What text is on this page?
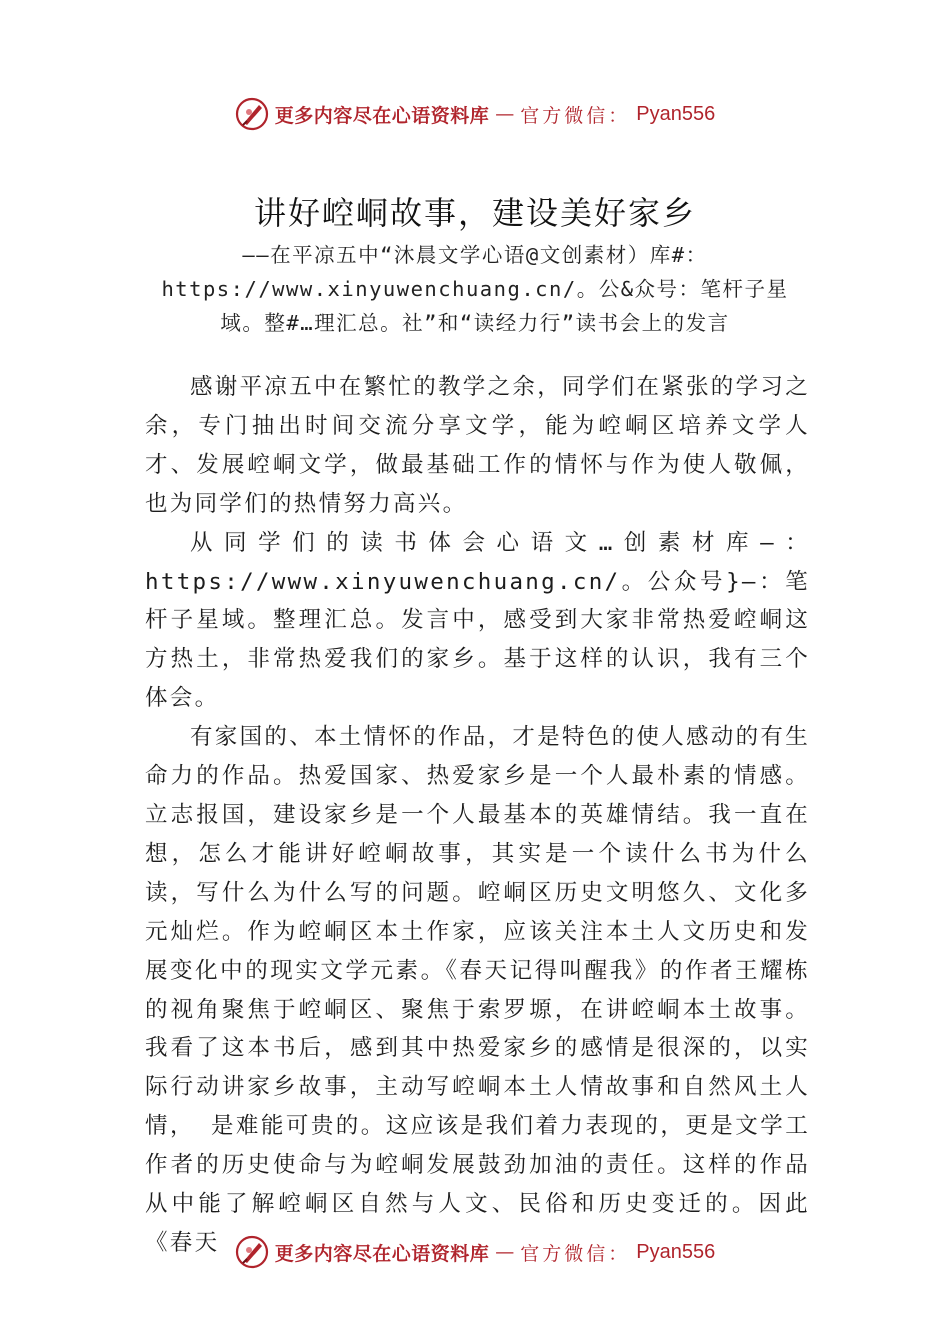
更多内容尽在心语资料库 — 官方微信： Pyan556
讲好崆峒故事，建设美好家乡
——在平凉五中“沐晨文学心语@文创素材）库#：
https://www.xinyuwenchuang.cn/。公&众号：笔杆子星
域。整#…理汇总。社”和“读经力行”读书会上的发言

感谢平凉五中在繁忙的教学之余，同学们在紧张的学习之余，专门抽出时间交流分享文学，能为崆峒区培养文学人才、发展崆峒文学，做最基础工作的情怀与作为使人敬佩， 也为同学们的热情努力高兴。

从同学们的读书体会心语文…创素材库—：https://www.xinyuwenchuang.cn/。公众号}—：笔杆子星域。整理汇总。发言中，感受到大家非常热爱崆峒这方热土，非常热爱我们的家乡。基于这样的认识，我有三个体会。

有家国的、本土情怀的作品，才是特色的使人感动的有生命力的作品。热爱国家、热爱家乡是一个人最朴素的情感。立志报国，建设家乡是一个人最基本的英雄情结。我一直在想，怎么才能讲好崆峒故事，其实是一个读什么书为什么读，写什么为什么写的问题。崆峒区历史文明悠久、文化多元灿烂。作为崆峒区本土作家，应该关注本土人文历史和发展变化中的现实文学元素。《春天记得叫醒我》的作者王耀栋的视角聚焦于崆峒区、聚焦于索罗塬，在讲崆峒本土故事。我看了这本书后，感到其中热爱家乡的感情是很深的，以实际行动讲家乡故事，主动写崆峒本土人情故事和自然风土人情， 是难能可贵的。这应该是我们着力表现的，更是文学工作者的历史使命与为崆峒发展鼓劲加油的责任。这样的作品从中能了解崆峒区自然与人文、民俗和历史变迁的。因此《春天	更多内容尽在心语资料库 — 官方微信： Pyan556
